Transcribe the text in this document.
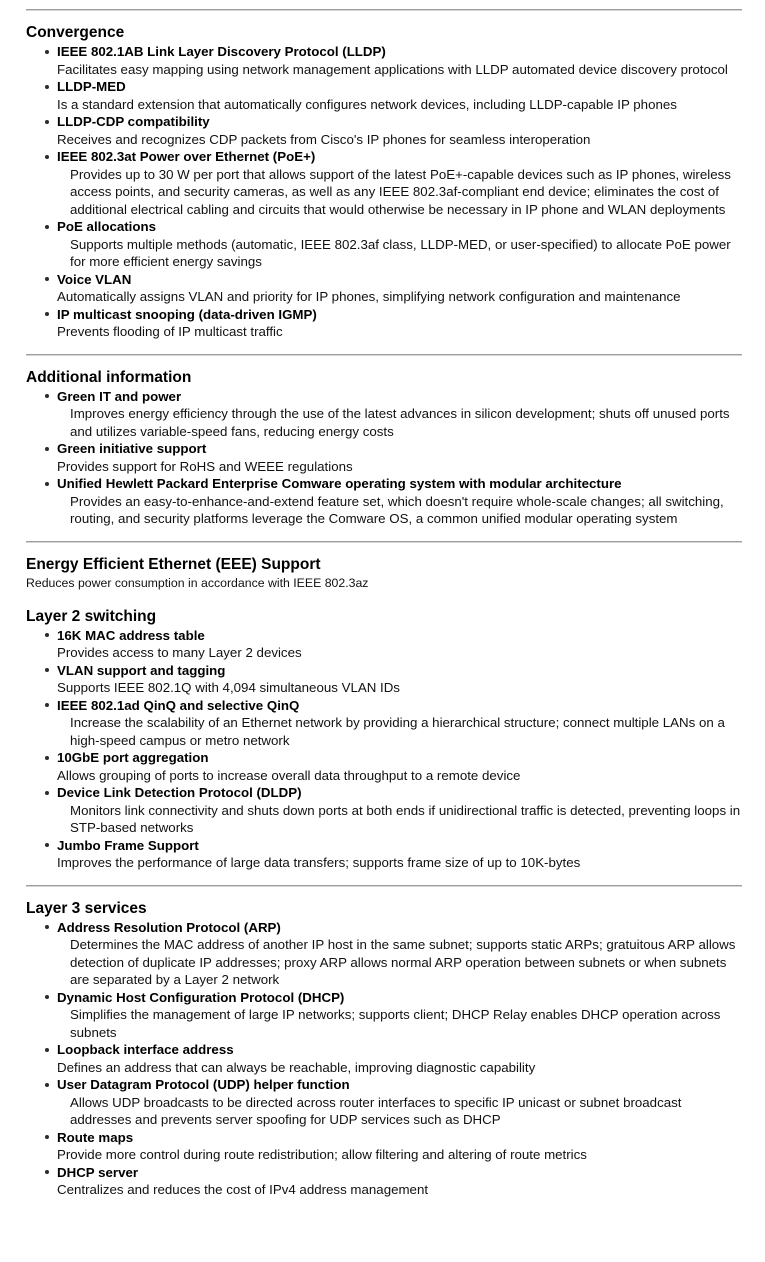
Convergence
IEEE 802.1AB Link Layer Discovery Protocol (LLDP)
Facilitates easy mapping using network management applications with LLDP automated device discovery protocol
LLDP-MED
Is a standard extension that automatically configures network devices, including LLDP-capable IP phones
LLDP-CDP compatibility
Receives and recognizes CDP packets from Cisco's IP phones for seamless interoperation
IEEE 802.3at Power over Ethernet (PoE+)
Provides up to 30 W per port that allows support of the latest PoE+-capable devices such as IP phones, wireless access points, and security cameras, as well as any IEEE 802.3af-compliant end device; eliminates the cost of additional electrical cabling and circuits that would otherwise be necessary in IP phone and WLAN deployments
PoE allocations
Supports multiple methods (automatic, IEEE 802.3af class, LLDP-MED, or user-specified) to allocate PoE power for more efficient energy savings
Voice VLAN
Automatically assigns VLAN and priority for IP phones, simplifying network configuration and maintenance
IP multicast snooping (data-driven IGMP)
Prevents flooding of IP multicast traffic
Additional information
Green IT and power
Improves energy efficiency through the use of the latest advances in silicon development; shuts off unused ports and utilizes variable-speed fans, reducing energy costs
Green initiative support
Provides support for RoHS and WEEE regulations
Unified Hewlett Packard Enterprise Comware operating system with modular architecture
Provides an easy-to-enhance-and-extend feature set, which doesn't require whole-scale changes; all switching, routing, and security platforms leverage the Comware OS, a common unified modular operating system
Energy Efficient Ethernet (EEE) Support

Reduces power consumption in accordance with IEEE 802.3az

Layer 2 switching
16K MAC address table
Provides access to many Layer 2 devices
VLAN support and tagging
Supports IEEE 802.1Q with 4,094 simultaneous VLAN IDs
IEEE 802.1ad QinQ and selective QinQ
Increase the scalability of an Ethernet network by providing a hierarchical structure; connect multiple LANs on a high-speed campus or metro network
10GbE port aggregation
Allows grouping of ports to increase overall data throughput to a remote device
Device Link Detection Protocol (DLDP)
Monitors link connectivity and shuts down ports at both ends if unidirectional traffic is detected, preventing loops in STP-based networks
Jumbo Frame Support
Improves the performance of large data transfers; supports frame size of up to 10K-bytes
Layer 3 services
Address Resolution Protocol (ARP)
Determines the MAC address of another IP host in the same subnet; supports static ARPs; gratuitous ARP allows detection of duplicate IP addresses; proxy ARP allows normal ARP operation between subnets or when subnets are separated by a Layer 2 network
Dynamic Host Configuration Protocol (DHCP)
Simplifies the management of large IP networks; supports client; DHCP Relay enables DHCP operation across subnets
Loopback interface address
Defines an address that can always be reachable, improving diagnostic capability
User Datagram Protocol (UDP) helper function
Allows UDP broadcasts to be directed across router interfaces to specific IP unicast or subnet broadcast addresses and prevents server spoofing for UDP services such as DHCP
Route maps
Provide more control during route redistribution; allow filtering and altering of route metrics
DHCP server
Centralizes and reduces the cost of IPv4 address management
